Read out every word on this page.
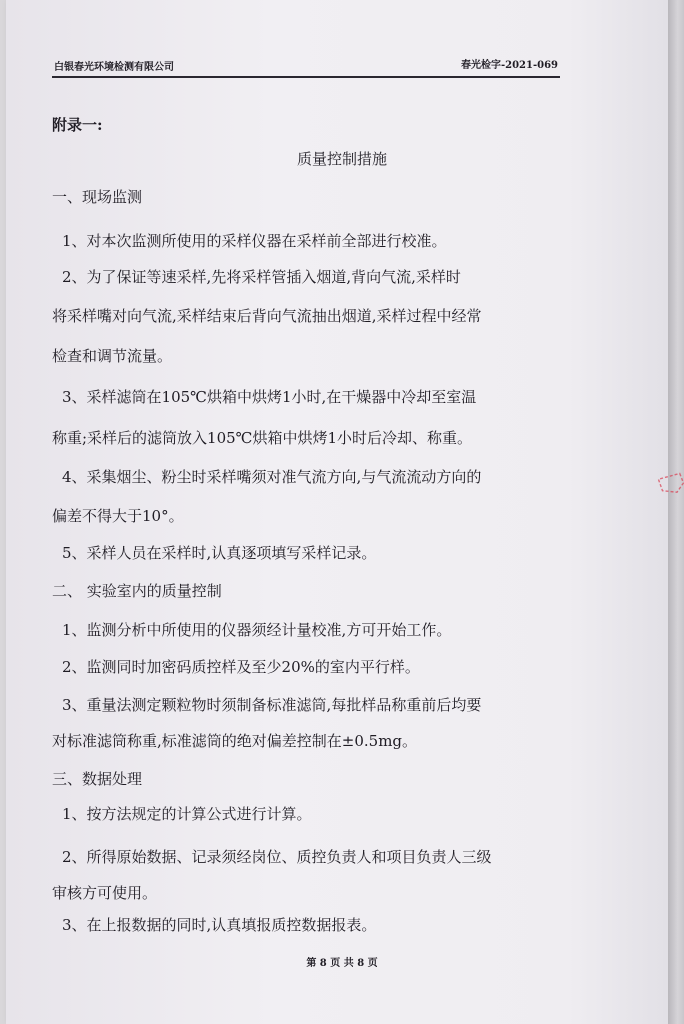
白银春光环境检测有限公司	春光检字-2021-069
附录一:
质量控制措施
一、现场监测
1、对本次监测所使用的采样仪器在采样前全部进行校准。
2、为了保证等速采样,先将采样管插入烟道,背向气流,采样时
将采样嘴对向气流,采样结束后背向气流抽出烟道,采样过程中经常
检查和调节流量。
3、采样滤筒在105℃烘箱中烘烤1小时,在干燥器中冷却至室温
称重;采样后的滤筒放入105℃烘箱中烘烤1小时后冷却、称重。
4、采集烟尘、粉尘时采样嘴须对准气流方向,与气流流动方向的
偏差不得大于10°。
5、采样人员在采样时,认真逐项填写采样记录。
二、 实验室内的质量控制
1、监测分析中所使用的仪器须经计量校准,方可开始工作。
2、监测同时加密码质控样及至少20%的室内平行样。
3、重量法测定颗粒物时须制备标准滤筒,每批样品称重前后均要
对标准滤筒称重,标准滤筒的绝对偏差控制在±0.5mg。
三、数据处理
1、按方法规定的计算公式进行计算。
2、所得原始数据、记录须经岗位、质控负责人和项目负责人三级
审核方可使用。
3、在上报数据的同时,认真填报质控数据报表。
第 8 页 共 8 页
